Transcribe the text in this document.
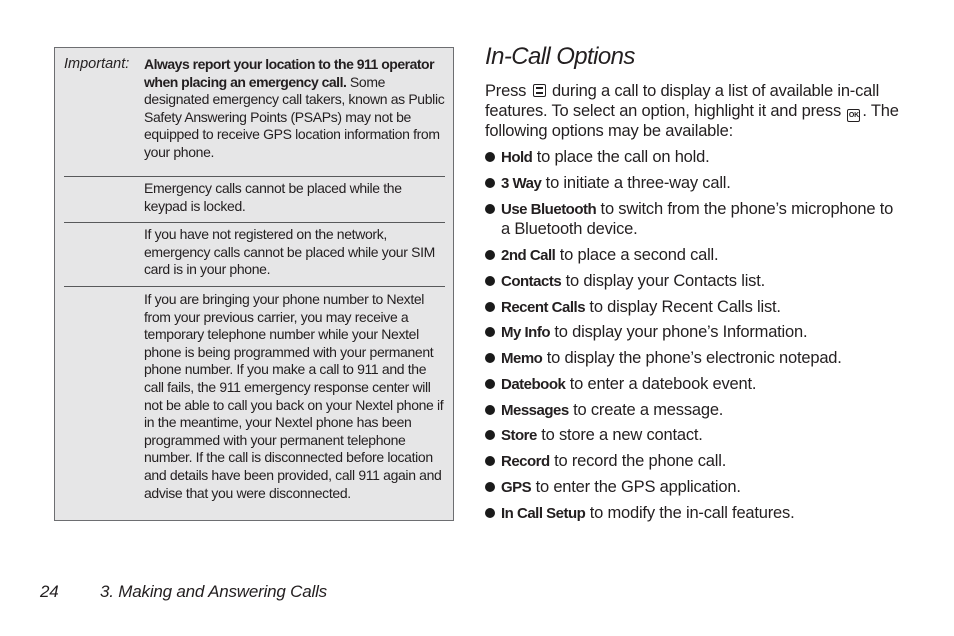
Important: Always report your location to the 911 operator when placing an emergency call. Some designated emergency call takers, known as Public Safety Answering Points (PSAPs) may not be equipped to receive GPS location information from your phone.
Emergency calls cannot be placed while the keypad is locked.
If you have not registered on the network, emergency calls cannot be placed while your SIM card is in your phone.
If you are bringing your phone number to Nextel from your previous carrier, you may receive a temporary telephone number while your Nextel phone is being programmed with your permanent phone number. If you make a call to 911 and the call fails, the 911 emergency response center will not be able to call you back on your Nextel phone if in the meantime, your Nextel phone has been programmed with your permanent telephone number. If the call is disconnected before location and details have been provided, call 911 again and advise that you were disconnected.
In-Call Options
Press  during a call to display a list of available in-call features. To select an option, highlight it and press OK . The following options may be available:
Hold to place the call on hold.
3 Way to initiate a three-way call.
Use Bluetooth to switch from the phone’s microphone to a Bluetooth device.
2nd Call to place a second call.
Contacts to display your Contacts list.
Recent Calls to display Recent Calls list.
My Info to display your phone’s Information.
Memo to display the phone’s electronic notepad.
Datebook to enter a datebook event.
Messages to create a message.
Store to store a new contact.
Record to record the phone call.
GPS to enter the GPS application.
In Call Setup to modify the in-call features.
24 3. Making and Answering Calls
